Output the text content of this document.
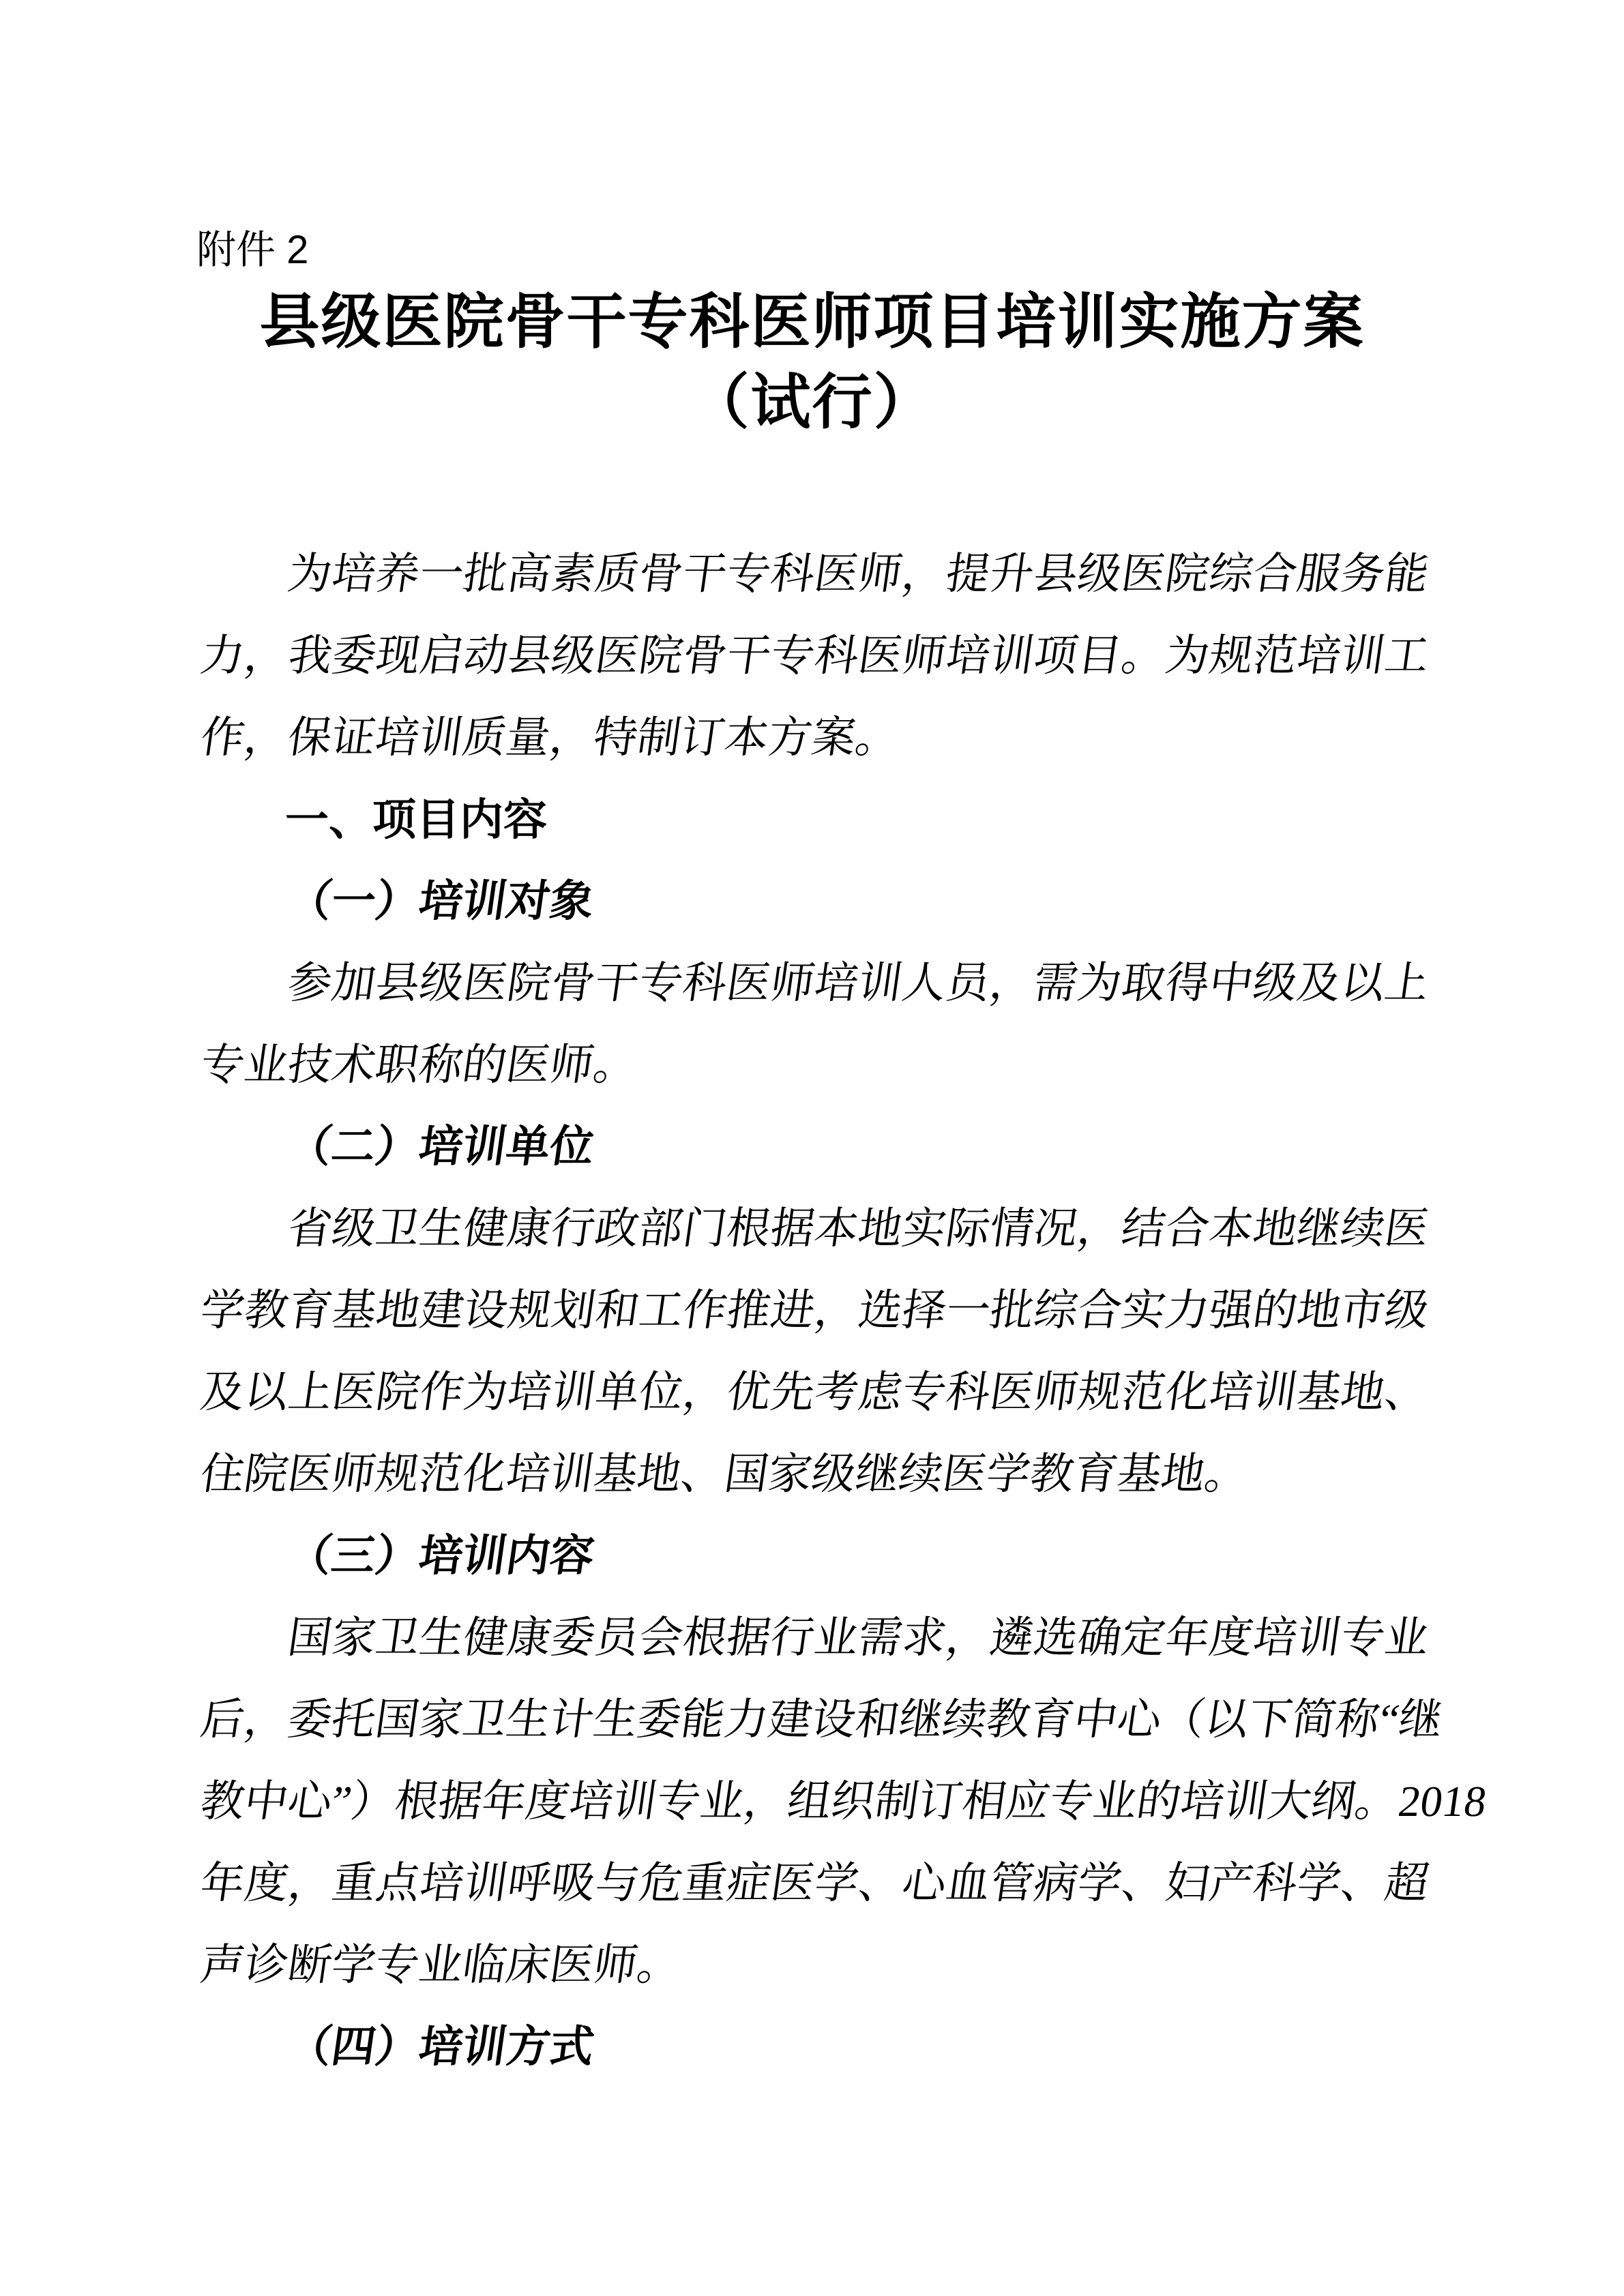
附件 2
县级医院骨干专科医师项目培训实施方案
（试行）
为培养一批高素质骨干专科医师，提升县级医院综合服务能
力，我委现启动县级医院骨干专科医师培训项目。为规范培训工
作，保证培训质量，特制订本方案。
一、项目内容
（一）培训对象
参加县级医院骨干专科医师培训人员，需为取得中级及以上
专业技术职称的医师。
（二）培训单位
省级卫生健康行政部门根据本地实际情况，结合本地继续医
学教育基地建设规划和工作推进，选择一批综合实力强的地市级
及以上医院作为培训单位，优先考虑专科医师规范化培训基地、
住院医师规范化培训基地、国家级继续医学教育基地。
（三）培训内容
国家卫生健康委员会根据行业需求，遴选确定年度培训专业
后，委托国家卫生计生委能力建设和继续教育中心（以下简称“继
教中心”）根据年度培训专业，组织制订相应专业的培训大纲。2018
年度，重点培训呼吸与危重症医学、心血管病学、妇产科学、超
声诊断学专业临床医师。
（四）培训方式
